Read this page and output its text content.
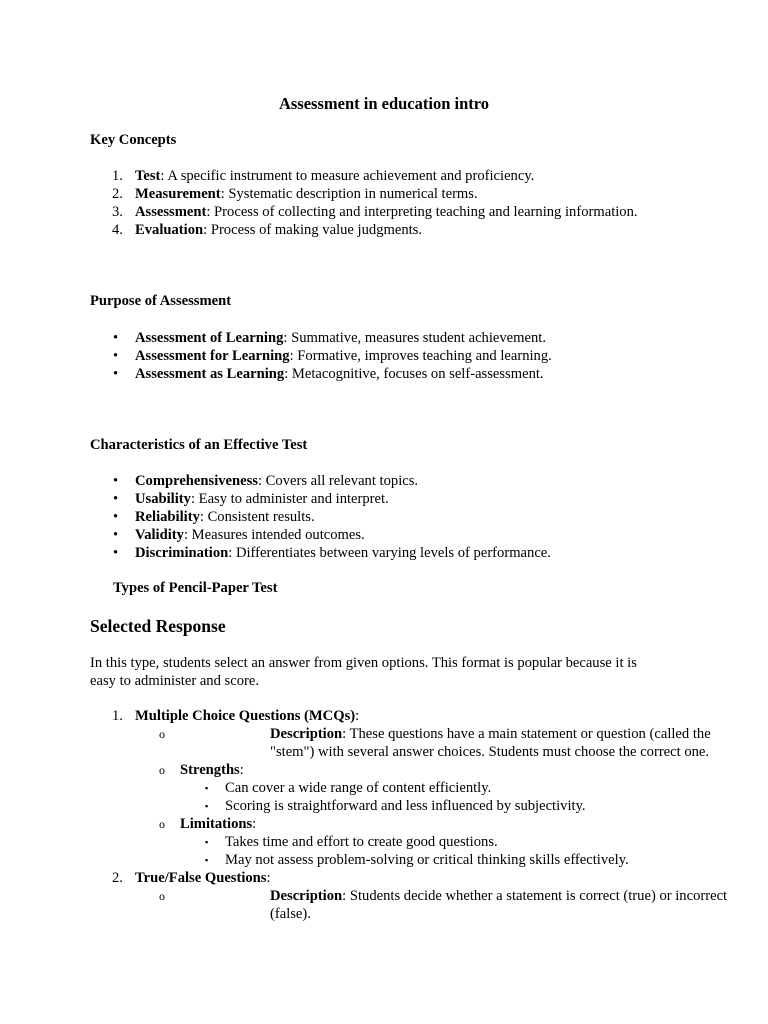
Assessment in education intro
Key Concepts
1. Test: A specific instrument to measure achievement and proficiency.
2. Measurement: Systematic description in numerical terms.
3. Assessment: Process of collecting and interpreting teaching and learning information.
4. Evaluation: Process of making value judgments.
Purpose of Assessment
• Assessment of Learning: Summative, measures student achievement.
• Assessment for Learning: Formative, improves teaching and learning.
• Assessment as Learning: Metacognitive, focuses on self-assessment.
Characteristics of an Effective Test
• Comprehensiveness: Covers all relevant topics.
• Usability: Easy to administer and interpret.
• Reliability: Consistent results.
• Validity: Measures intended outcomes.
• Discrimination: Differentiates between varying levels of performance.
Types of Pencil-Paper Test
Selected Response
In this type, students select an answer from given options. This format is popular because it is easy to administer and score.
1. Multiple Choice Questions (MCQs):
o	Description: These questions have a main statement or question (called the "stem") with several answer choices. Students must choose the correct one.
o Strengths:
▪ Can cover a wide range of content efficiently.
▪ Scoring is straightforward and less influenced by subjectivity.
o Limitations:
▪ Takes time and effort to create good questions.
▪ May not assess problem-solving or critical thinking skills effectively.
2. True/False Questions:
o	Description: Students decide whether a statement is correct (true) or incorrect (false).
